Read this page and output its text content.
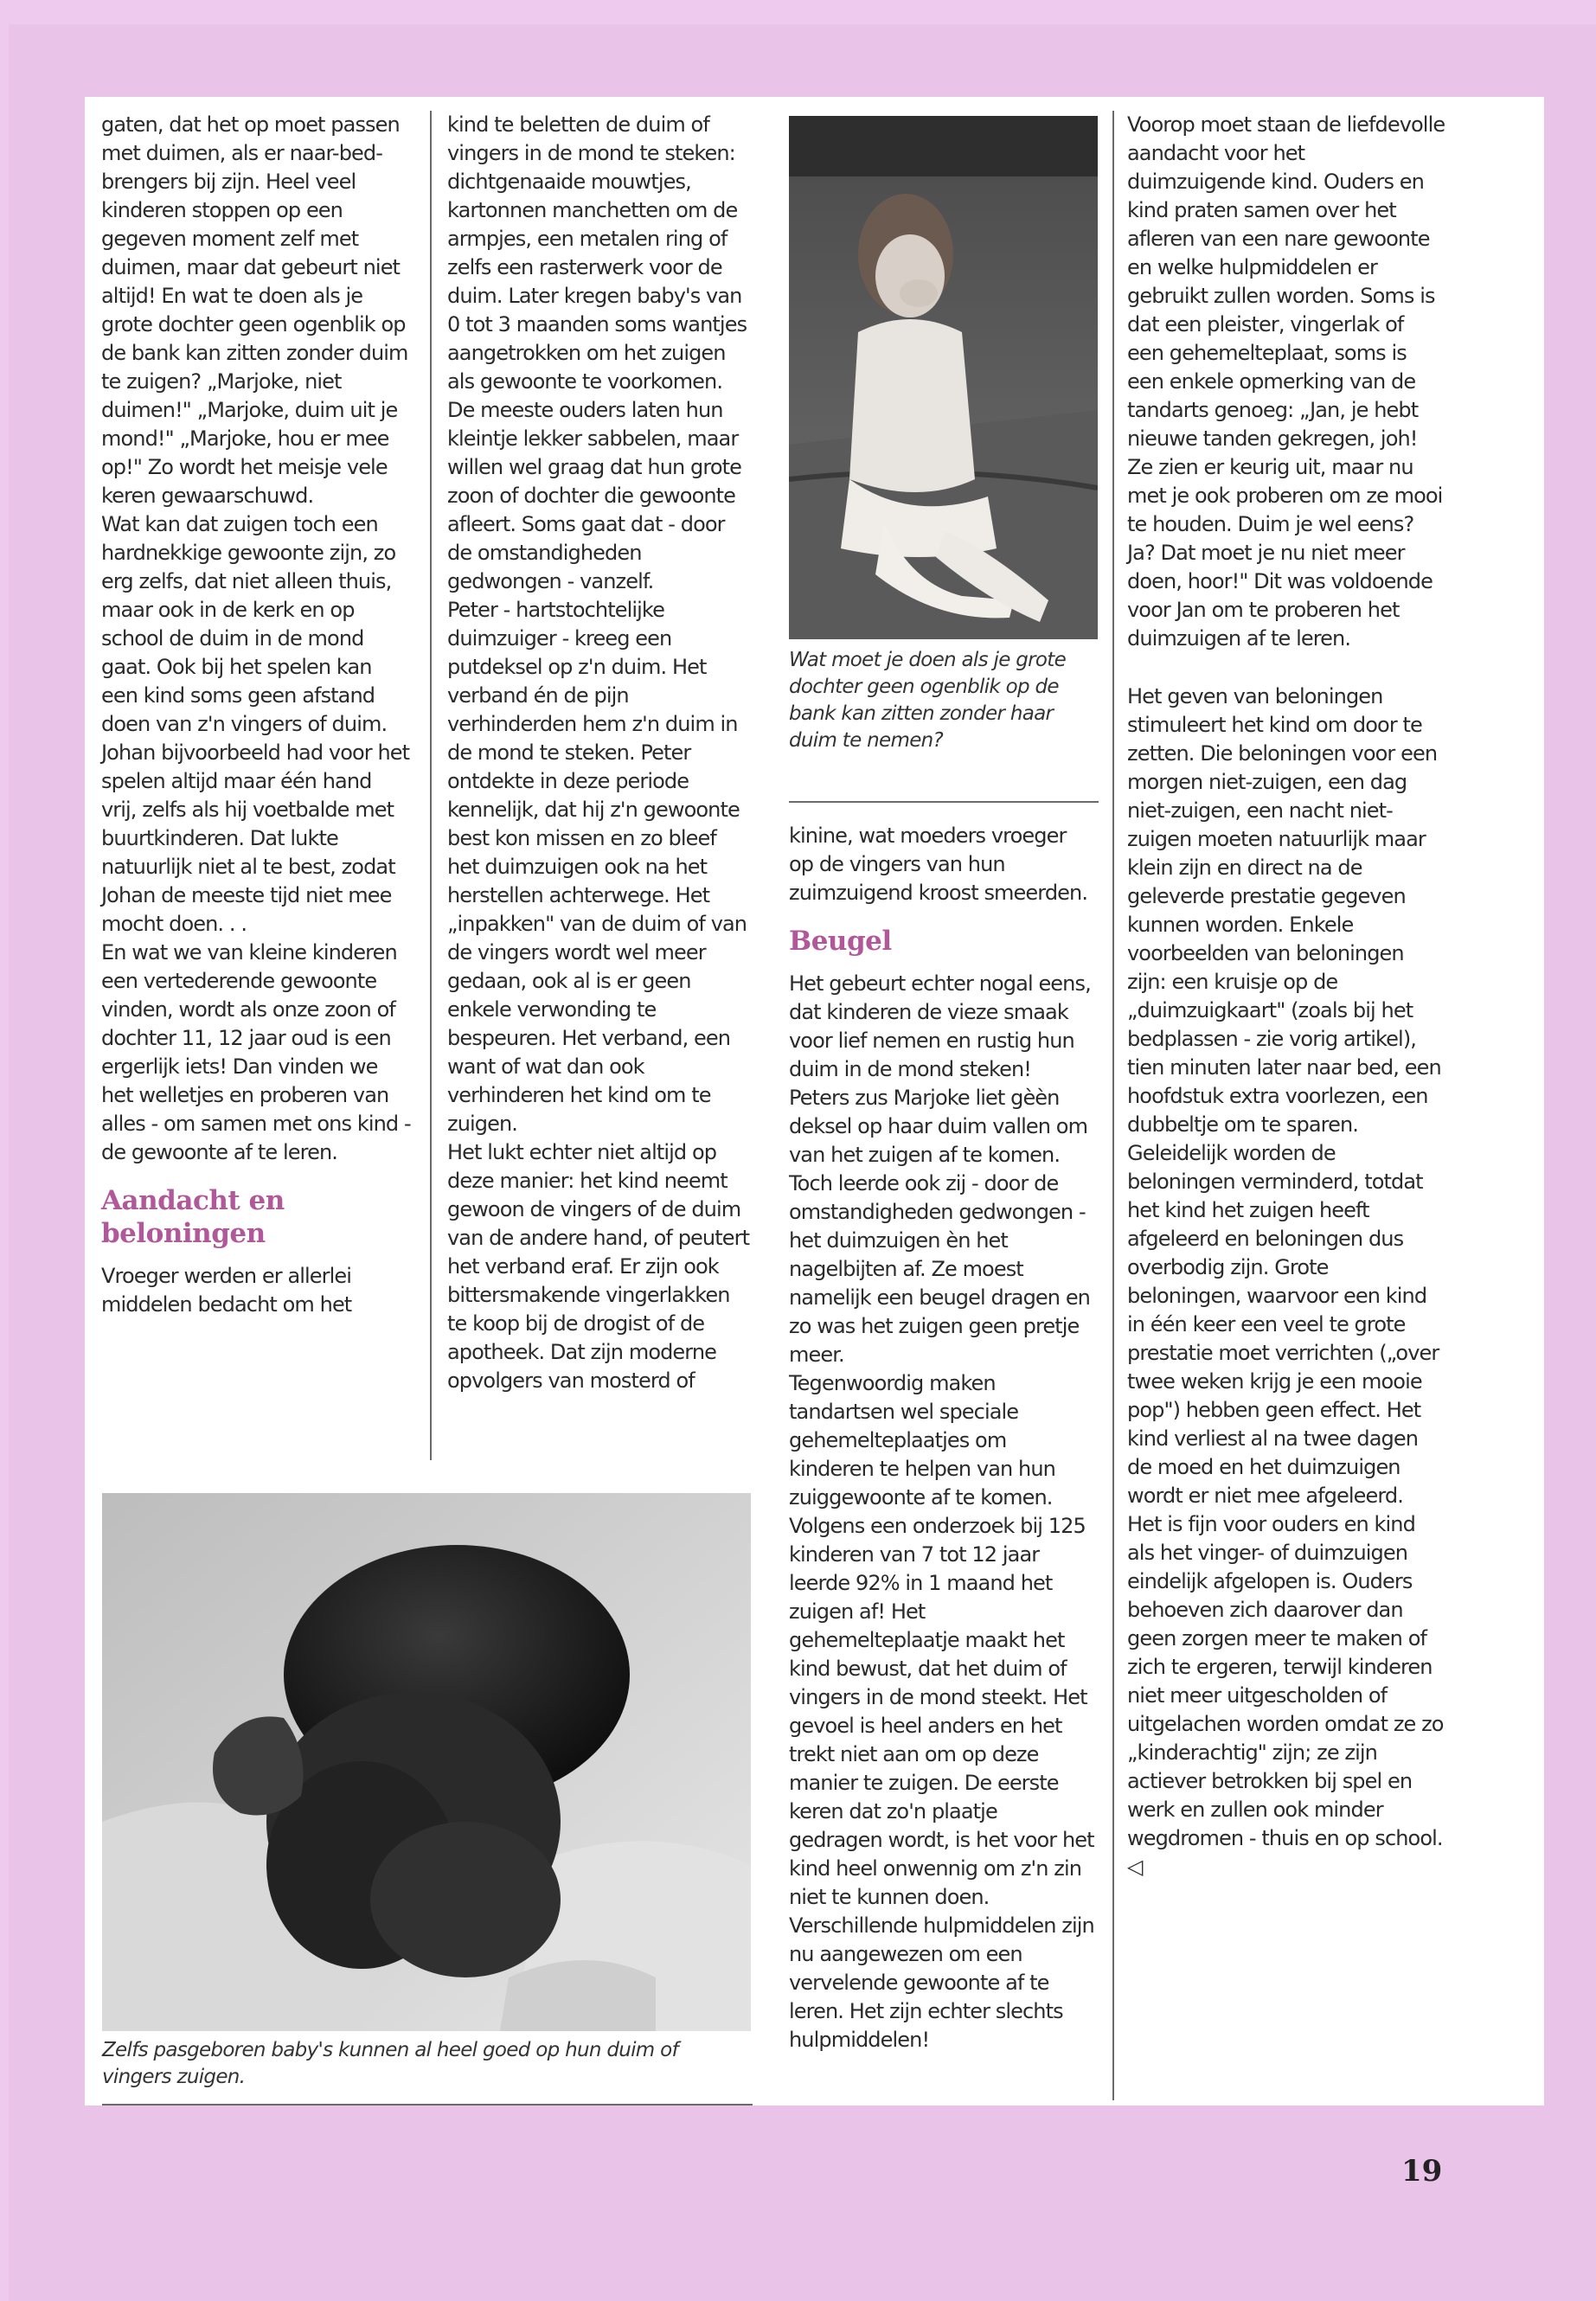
gaten, dat het op moet passen met duimen, als er naar-bed-brengers bij zijn. Heel veel kinderen stoppen op een gegeven moment zelf met duimen, maar dat gebeurt niet altijd! En wat te doen als je grote dochter geen ogenblik op de bank kan zitten zonder duim te zuigen? „Marjoke, niet duimen!" „Marjoke, duim uit je mond!" „Marjoke, hou er mee op!" Zo wordt het meisje vele keren gewaarschuwd.

Wat kan dat zuigen toch een hardnekkige gewoonte zijn, zo erg zelfs, dat niet alleen thuis, maar ook in de kerk en op school de duim in de mond gaat. Ook bij het spelen kan een kind soms geen afstand doen van z'n vingers of duim. Johan bijvoorbeeld had voor het spelen altijd maar één hand vrij, zelfs als hij voetbalde met buurtkinderen. Dat lukte natuurlijk niet al te best, zodat Johan de meeste tijd niet mee mocht doen. . .

En wat we van kleine kinderen een vertederende gewoonte vinden, wordt als onze zoon of dochter 11, 12 jaar oud is een ergerlijk iets! Dan vinden we het welletjes en proberen van alles - om samen met ons kind - de gewoonte af te leren.

Aandacht en beloningen

Vroeger werden er allerlei middelen bedacht om het

kind te beletten de duim of vingers in de mond te steken: dichtgenaaide mouwtjes, kartonnen manchetten om de armpjes, een metalen ring of zelfs een rasterwerk voor de duim. Later kregen baby's van 0 tot 3 maanden soms wantjes aangetrokken om het zuigen als gewoonte te voorkomen. De meeste ouders laten hun kleintje lekker sabbelen, maar willen wel graag dat hun grote zoon of dochter die gewoonte afleert. Soms gaat dat - door de omstandigheden gedwongen - vanzelf.

Peter - hartstochtelijke duimzuiger - kreeg een putdeksel op z'n duim. Het verband én de pijn verhinderden hem z'n duim in de mond te steken. Peter ontdekte in deze periode kennelijk, dat hij z'n gewoonte best kon missen en zo bleef het duimzuigen ook na het herstellen achterwege. Het „inpakken" van de duim of van de vingers wordt wel meer gedaan, ook al is er geen enkele verwonding te bespeuren. Het verband, een want of wat dan ook verhinderen het kind om te zuigen.

Het lukt echter niet altijd op deze manier: het kind neemt gewoon de vingers of de duim van de andere hand, of peutert het verband eraf. Er zijn ook bittersmakende vingerlakken te koop bij de drogist of de apotheek. Dat zijn moderne opvolgers van mosterd of

Zelfs pasgeboren baby's kunnen al heel goed op hun duim of vingers zuigen.
Wat moet je doen als je grote dochter geen ogenblik op de bank kan zitten zonder haar duim te nemen?

kinine, wat moeders vroeger op de vingers van hun zuimzuigend kroost smeerden.

Beugel

Het gebeurt echter nogal eens, dat kinderen de vieze smaak voor lief nemen en rustig hun duim in de mond steken! Peters zus Marjoke liet gèèn deksel op haar duim vallen om van het zuigen af te komen. Toch leerde ook zij - door de omstandigheden gedwongen - het duimzuigen èn het nagelbijten af. Ze moest namelijk een beugel dragen en zo was het zuigen geen pretje meer.

Tegenwoordig maken tandartsen wel speciale gehemelteplaatjes om kinderen te helpen van hun zuiggewoonte af te komen. Volgens een onderzoek bij 125 kinderen van 7 tot 12 jaar leerde 92% in 1 maand het zuigen af! Het gehemelteplaatje maakt het kind bewust, dat het duim of vingers in de mond steekt. Het gevoel is heel anders en het trekt niet aan om op deze manier te zuigen. De eerste keren dat zo'n plaatje gedragen wordt, is het voor het kind heel onwennig om z'n zin niet te kunnen doen. Verschillende hulpmiddelen zijn nu aangewezen om een vervelende gewoonte af te leren. Het zijn echter slechts hulpmiddelen!

Voorop moet staan de liefdevolle aandacht voor het duimzuigende kind. Ouders en kind praten samen over het afleren van een nare gewoonte en welke hulpmiddelen er gebruikt zullen worden. Soms is dat een pleister, vingerlak of een gehemelteplaat, soms is een enkele opmerking van de tandarts genoeg: „Jan, je hebt nieuwe tanden gekregen, joh! Ze zien er keurig uit, maar nu met je ook proberen om ze mooi te houden. Duim je wel eens? Ja? Dat moet je nu niet meer doen, hoor!" Dit was voldoende voor Jan om te proberen het duimzuigen af te leren.

Het geven van beloningen stimuleert het kind om door te zetten. Die beloningen voor een morgen niet-zuigen, een dag niet-zuigen, een nacht niet-zuigen moeten natuurlijk maar klein zijn en direct na de geleverde prestatie gegeven kunnen worden. Enkele voorbeelden van beloningen zijn: een kruisje op de „duimzuigkaart" (zoals bij het bedplassen - zie vorig artikel), tien minuten later naar bed, een hoofdstuk extra voorlezen, een dubbeltje om te sparen.

Geleidelijk worden de beloningen verminderd, totdat het kind het zuigen heeft afgeleerd en beloningen dus overbodig zijn. Grote beloningen, waarvoor een kind in één keer een veel te grote prestatie moet verrichten („over twee weken krijg je een mooie pop") hebben geen effect. Het kind verliest al na twee dagen de moed en het duimzuigen wordt er niet mee afgeleerd.

Het is fijn voor ouders en kind als het vinger- of duimzuigen eindelijk afgelopen is. Ouders behoeven zich daarover dan geen zorgen meer te maken of zich te ergeren, terwijl kinderen niet meer uitgescholden of uitgelachen worden omdat ze zo „kinderachtig" zijn; ze zijn actiever betrokken bij spel en werk en zullen ook minder wegdromen - thuis en op school. ◁

19
